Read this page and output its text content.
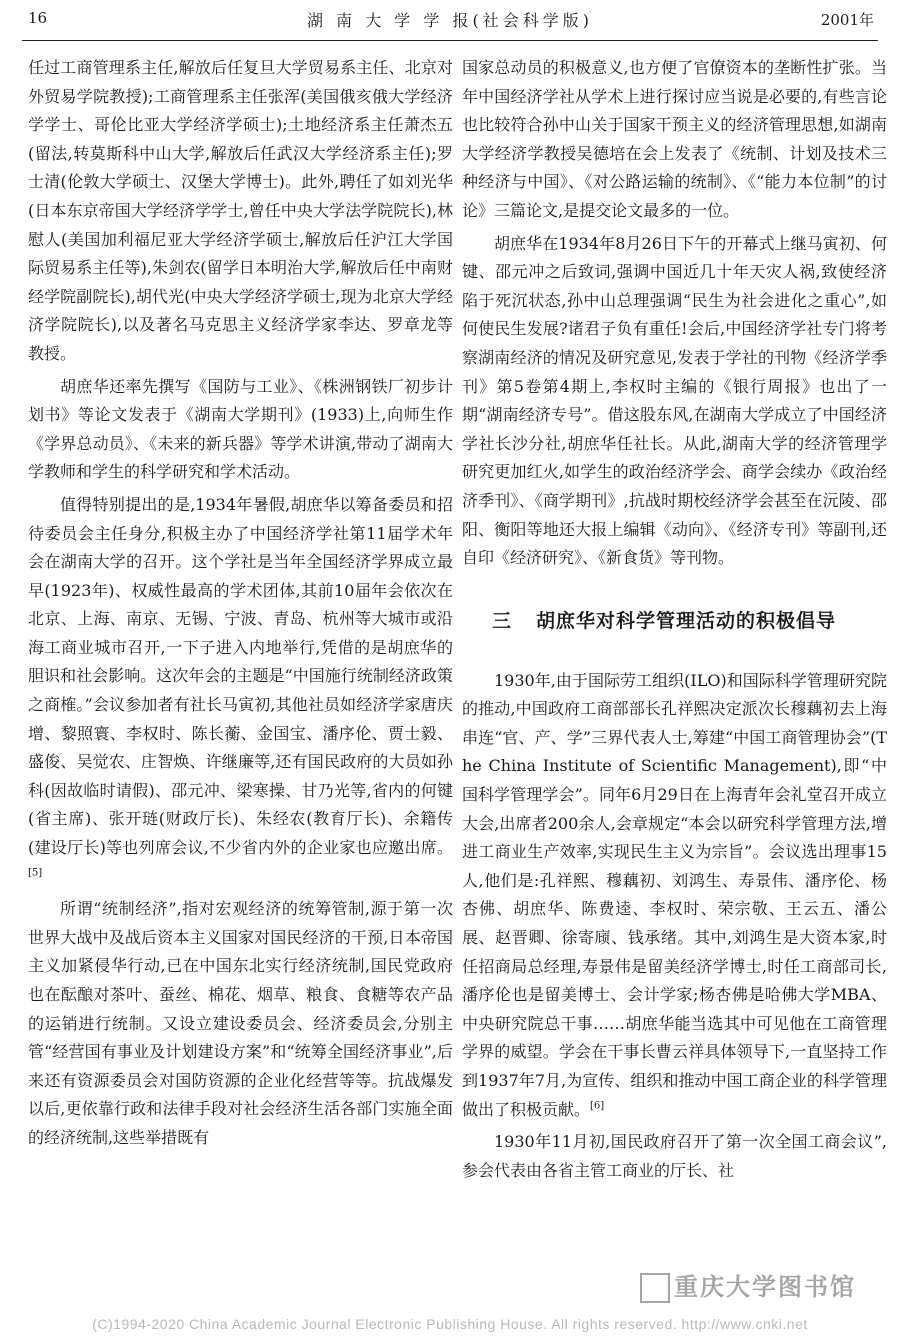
16	湖 南 大 学 学 报(社会科学版)	2001年

任过工商管理系主任,解放后任复旦大学贸易系主任、北京对外贸易学院教授);工商管理系主任张浑(美国俄亥俄大学经济学学士、哥伦比亚大学经济学硕士);土地经济系主任萧杰五(留法,转莫斯科中山大学,解放后任武汉大学经济系主任);罗士清(伦敦大学硕士、汉堡大学博士)。此外,聘任了如刘光华(日本东京帝国大学经济学学士,曾任中央大学法学院院长),林慰人(美国加利福尼亚大学经济学硕士,解放后任沪江大学国际贸易系主任等),朱剑农(留学日本明治大学,解放后任中南财经学院副院长),胡代光(中央大学经济学硕士,现为北京大学经济学院院长),以及著名马克思主义经济学家李达、罗章龙等教授。

胡庶华还率先撰写《国防与工业》、《株洲钢铁厂初步计划书》等论文发表于《湖南大学期刊》(1933)上,向师生作《学界总动员》、《未来的新兵器》等学术讲演,带动了湖南大学教师和学生的科学研究和学术活动。

值得特别提出的是,1934年暑假,胡庶华以筹备委员和招待委员会主任身分,积极主办了中国经济学社第11届学术年会在湖南大学的召开。这个学社是当年全国经济学界成立最早(1923年)、权威性最高的学术团体,其前10届年会依次在北京、上海、南京、无锡、宁波、青岛、杭州等大城市或沿海工商业城市召开,一下子进入内地举行,凭借的是胡庶华的胆识和社会影响。这次年会的主题是“中国施行统制经济政策之商榷。”会议参加者有社长马寅初,其他社员如经济学家唐庆增、黎照寰、李权时、陈长蘅、金国宝、潘序伦、贾士毅、盛俊、吴觉农、庄智焕、许继廉等,还有国民政府的大员如孙科(因故临时请假)、邵元冲、梁寒操、甘乃光等,省内的何键(省主席)、张开琏(财政厅长)、朱经农(教育厅长)、余籍传(建设厅长)等也列席会议,不少省内外的企业家也应邀出席。[5]

所谓“统制经济”,指对宏观经济的统筹管制,源于第一次世界大战中及战后资本主义国家对国民经济的干预,日本帝国主义加紧侵华行动,已在中国东北实行经济统制,国民党政府也在酝酿对茶叶、蚕丝、棉花、烟草、粮食、食糖等农产品的运销进行统制。又设立建设委员会、经济委员会,分别主管“经营国有事业及计划建设方案”和“统筹全国经济事业”,后来还有资源委员会对国防资源的企业化经营等等。抗战爆发以后,更依靠行政和法律手段对社会经济生活各部门实施全面的经济统制,这些举措既有

国家总动员的积极意义,也方便了官僚资本的垄断性扩张。当年中国经济学社从学术上进行探讨应当说是必要的,有些言论也比较符合孙中山关于国家干预主义的经济管理思想,如湖南大学经济学教授吴德培在会上发表了《统制、计划及技术三种经济与中国》、《对公路运输的统制》、《“能力本位制”的讨论》三篇论文,是提交论文最多的一位。

胡庶华在1934年8月26日下午的开幕式上继马寅初、何键、邵元冲之后致词,强调中国近几十年天灾人祸,致使经济陷于死沉状态,孙中山总理强调“民生为社会进化之重心”,如何使民生发展?诸君子负有重任!会后,中国经济学社专门将考察湖南经济的情况及研究意见,发表于学社的刊物《经济学季刊》第5卷第4期上,李权时主编的《银行周报》也出了一期“湖南经济专号”。借这股东风,在湖南大学成立了中国经济学社长沙分社,胡庶华任社长。从此,湖南大学的经济管理学研究更加红火,如学生的政治经济学会、商学会续办《政治经济季刊》、《商学期刊》,抗战时期校经济学会甚至在沅陵、邵阳、衡阳等地还大报上编辑《动向》、《经济专刊》等副刊,还自印《经济研究》、《新食货》等刊物。

三 胡庶华对科学管理活动的积极倡导

1930年,由于国际劳工组织(ILO)和国际科学管理研究院的推动,中国政府工商部部长孔祥熙决定派次长穆藕初去上海串连“官、产、学”三界代表人士,筹建“中国工商管理协会”(The China Institute of Scientific Management),即“中国科学管理学会”。同年6月29日在上海青年会礼堂召开成立大会,出席者200余人,会章规定“本会以研究科学管理方法,增进工商业生产效率,实现民生主义为宗旨”。会议选出理事15人,他们是:孔祥熙、穆藕初、刘鸿生、寿景伟、潘序伦、杨杏佛、胡庶华、陈费逵、李权时、荣宗敬、王云五、潘公展、赵晋卿、徐寄庼、钱承绪。其中,刘鸿生是大资本家,时任招商局总经理,寿景伟是留美经济学博士,时任工商部司长,潘序伦也是留美博士、会计学家;杨杏佛是哈佛大学MBA、中央研究院总干事……胡庶华能当选其中可见他在工商管理学界的威望。学会在干事长曹云祥具体领导下,一直坚持工作到1937年7月,为宣传、组织和推动中国工商企业的科学管理做出了积极贡献。[6]

1930年11月初,国民政府召开了第一次全国工商会议”,参会代表由各省主管工商业的厅长、社

重庆大学图书馆
(C)1994-2020 China Academic Journal Electronic Publishing House. All rights reserved. http://www.cnki.net
